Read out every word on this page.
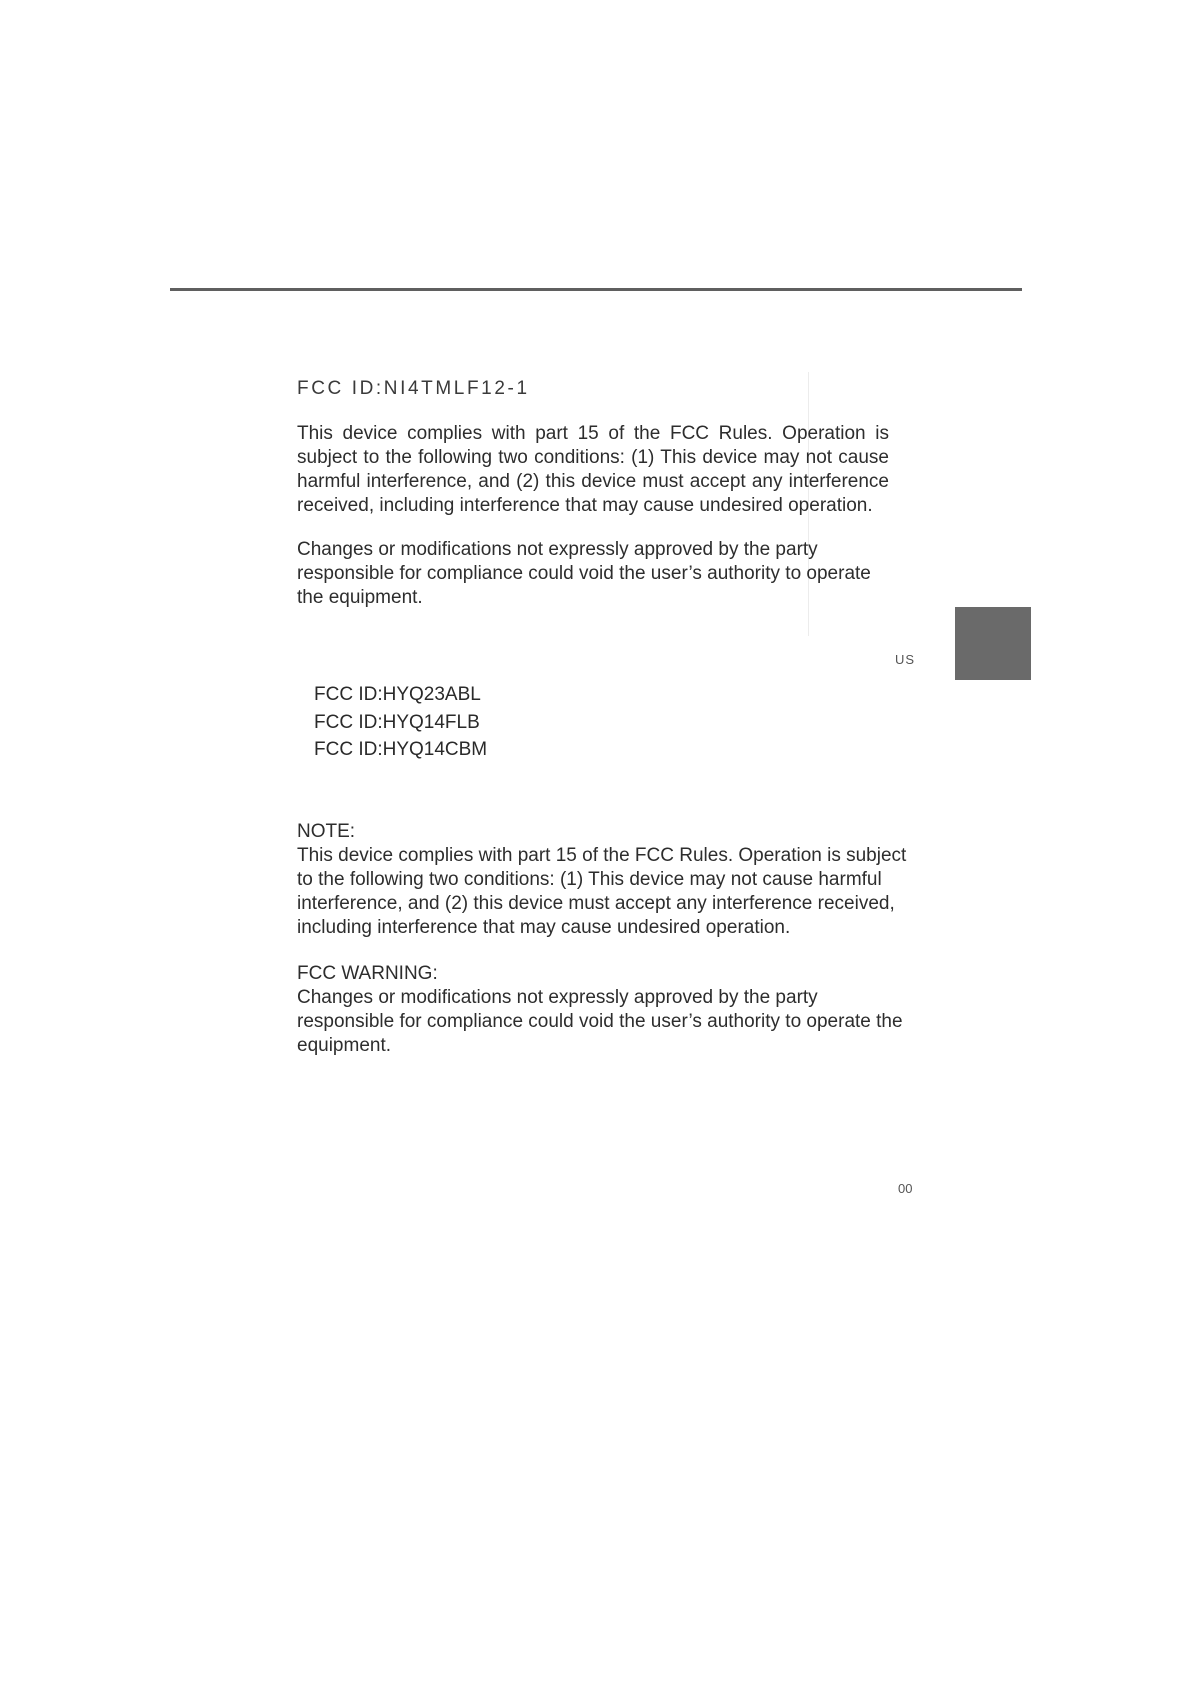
FCC ID:NI4TMLF12-1
This device complies with part 15 of the FCC Rules. Operation is subject to the following two conditions: (1) This device may not cause harmful interference, and (2) this device must accept any interference received, including interference that may cause undesired operation.
Changes or modifications not expressly approved by the party responsible for compliance could void the user’s authority to operate the equipment.
US
FCC ID:HYQ23ABL
FCC ID:HYQ14FLB
FCC ID:HYQ14CBM
NOTE:
This device complies with part 15 of the FCC Rules. Operation is subject to the following two conditions: (1) This device may not cause harmful interference, and (2) this device must accept any interference received, including interference that may cause undesired operation.
FCC WARNING:
Changes or modifications not expressly approved by the party responsible for compliance could void the user’s authority to operate the equipment.
00
